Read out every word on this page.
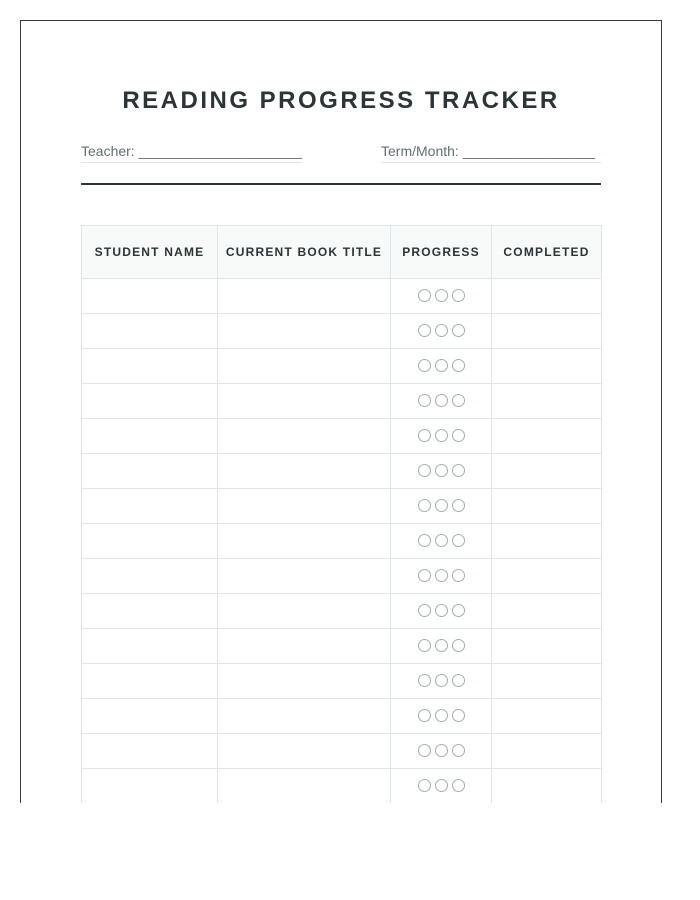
READING PROGRESS TRACKER
Teacher: _____________________	Term/Month: _________________
STUDENT NAME	CURRENT BOOK TITLE	PROGRESS	COMPLETED
